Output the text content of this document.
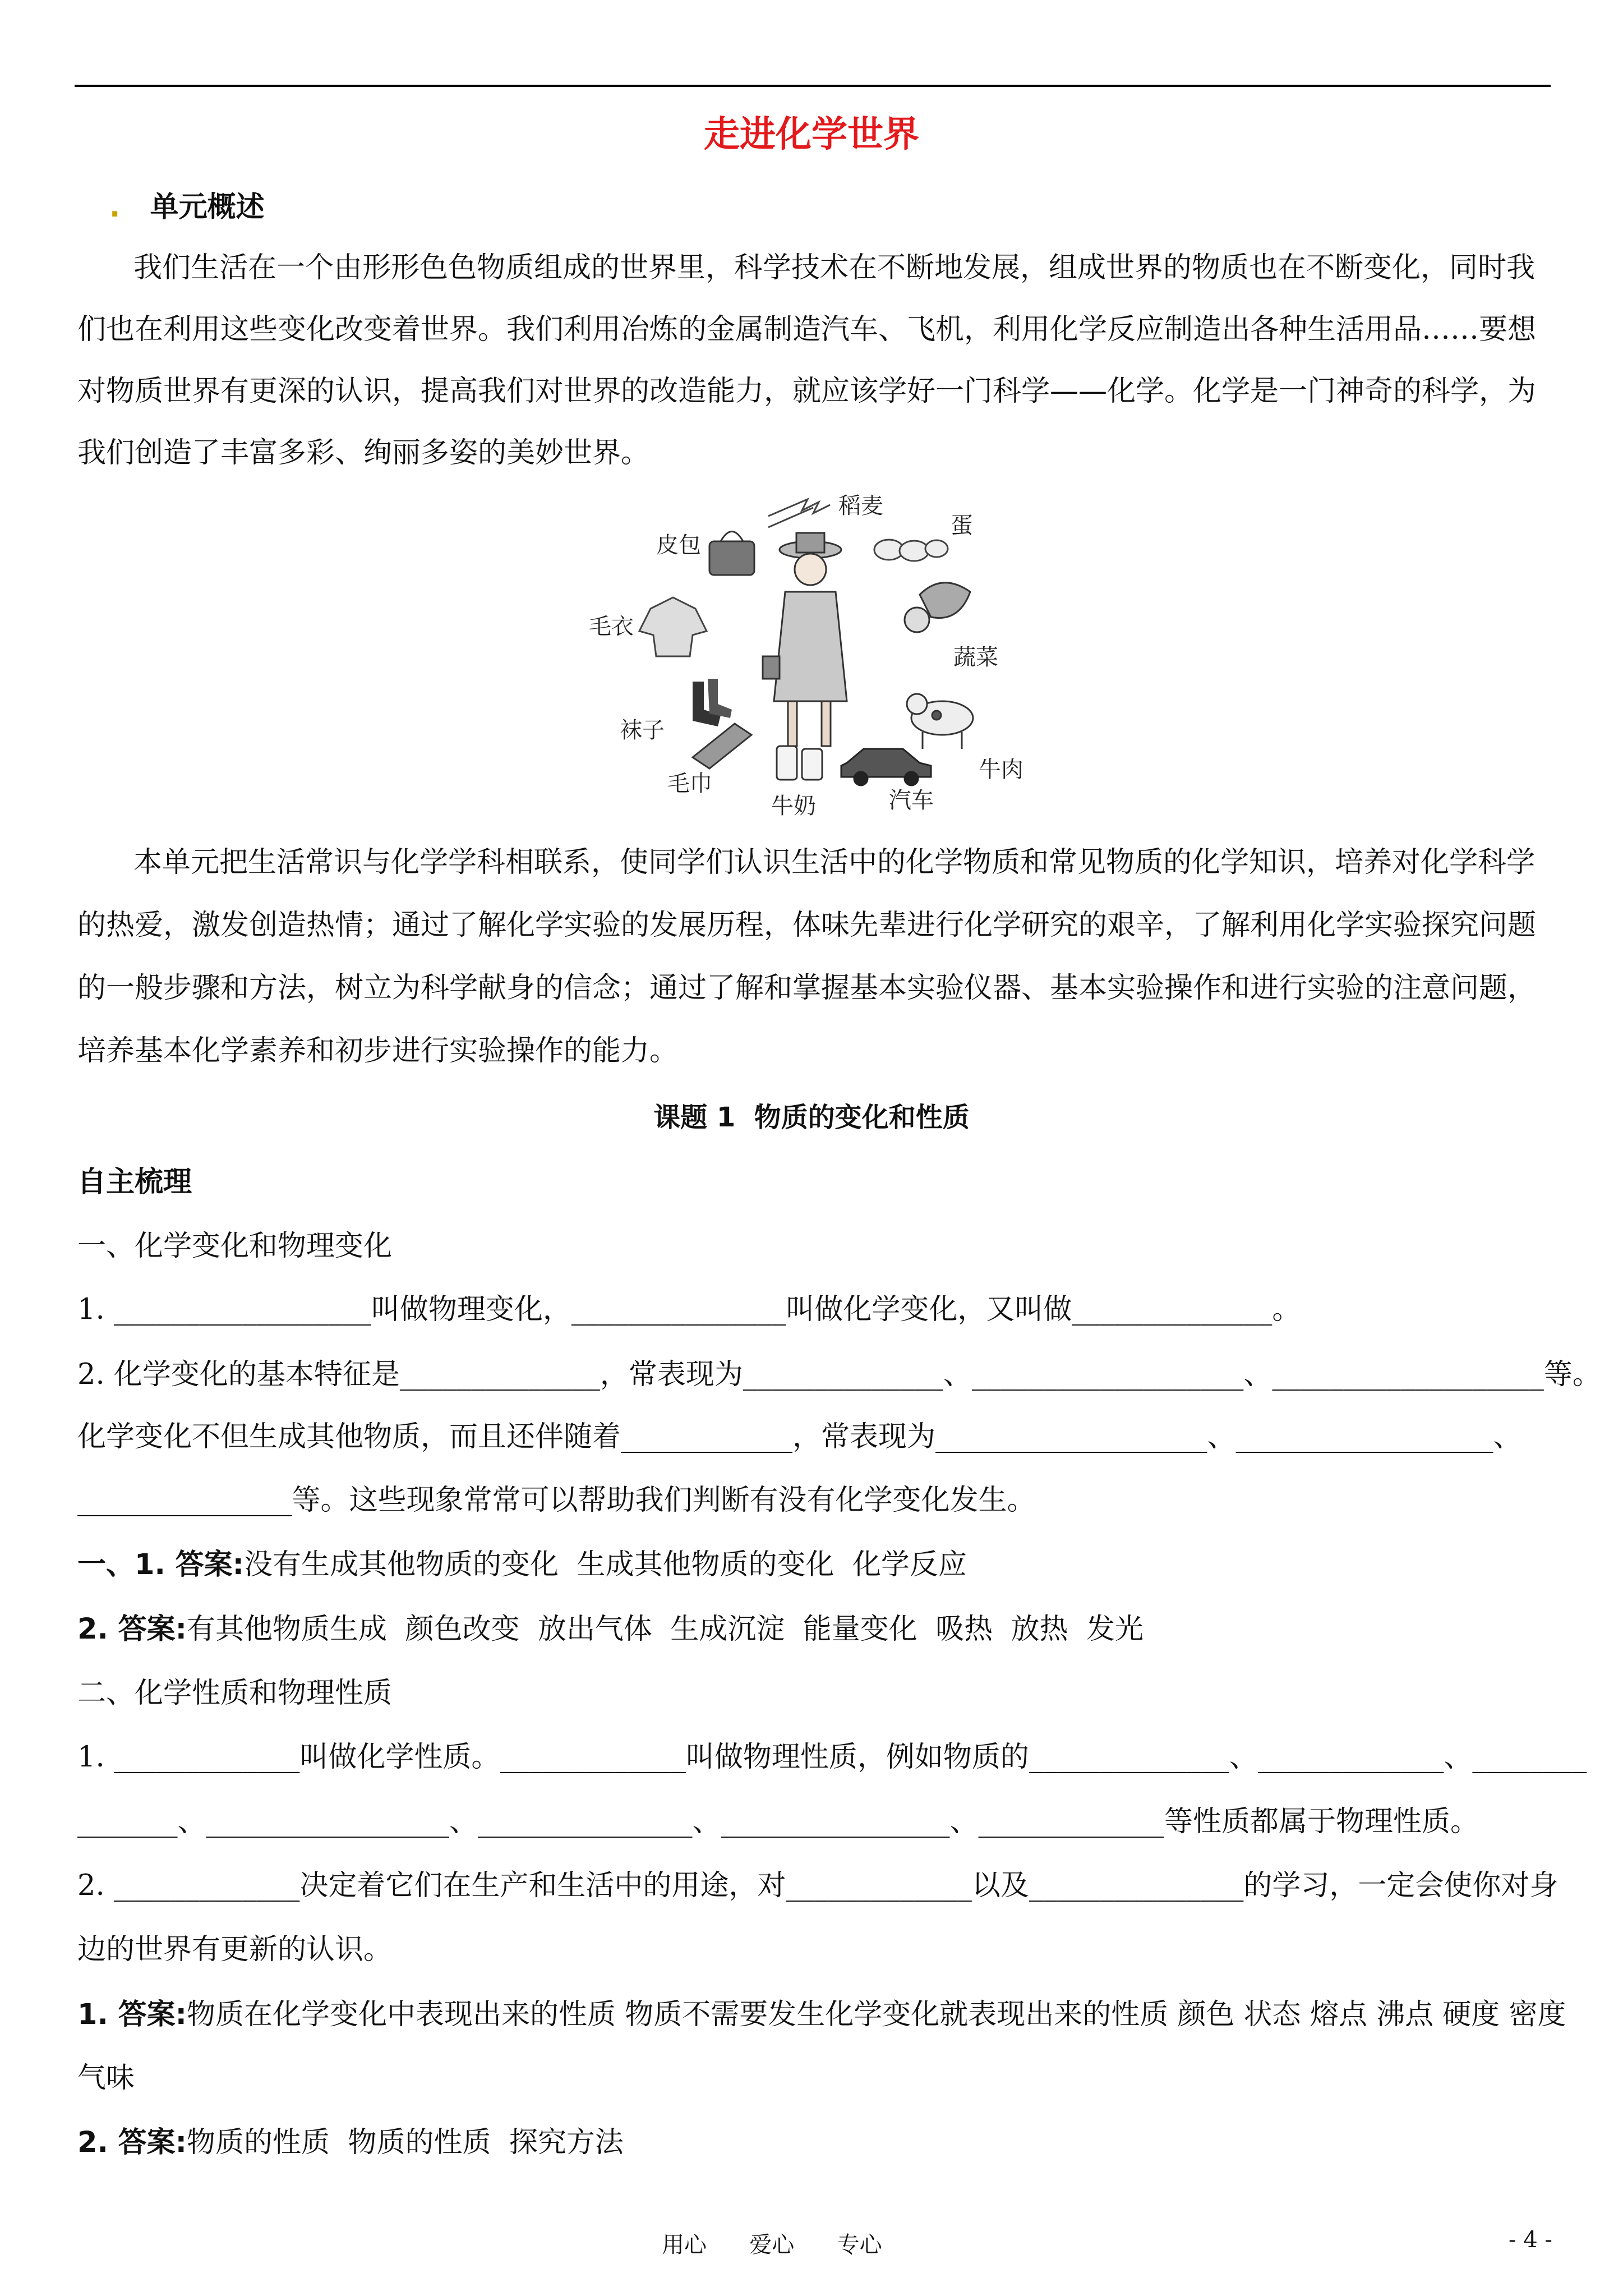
走进化学世界
. 单元概述
我们生活在一个由形形色色物质组成的世界里，科学技术在不断地发展，组成世界的物质也在不断变化，同时我
们也在利用这些变化改变着世界。我们利用冶炼的金属制造汽车、飞机，利用化学反应制造出各种生活用品……要想
对物质世界有更深的认识，提高我们对世界的改造能力，就应该学好一门科学——化学。化学是一门神奇的科学，为
我们创造了丰富多彩、绚丽多姿的美妙世界。
稻麦
蛋
皮包
毛衣
蔬菜
袜子
牛肉
毛巾
牛奶	汽车
本单元把生活常识与化学学科相联系，使同学们认识生活中的化学物质和常见物质的化学知识，培养对化学科学
的热爱，激发创造热情；通过了解化学实验的发展历程，体味先辈进行化学研究的艰辛，了解利用化学实验探究问题
的一般步骤和方法，树立为科学献身的信念；通过了解和掌握基本实验仪器、基本实验操作和进行实验的注意问题，
培养基本化学素养和初步进行实验操作的能力。
课题 1  物质的变化和性质
自主梳理
一、化学变化和物理变化
1. __________________叫做物理变化，_______________叫做化学变化，又叫做______________。
2. 化学变化的基本特征是______________，常表现为______________、___________________、___________________等。
化学变化不但生成其他物质，而且还伴随着____________，常表现为___________________、__________________、
_______________等。这些现象常常可以帮助我们判断有没有化学变化发生。
一、1. 答案:没有生成其他物质的变化  生成其他物质的变化  化学反应
2. 答案:有其他物质生成  颜色改变  放出气体  生成沉淀  能量变化  吸热  放热  发光
二、化学性质和物理性质
1. _____________叫做化学性质。_____________叫做物理性质，例如物质的______________、_____________、________
_______、_________________、_______________、________________、_____________等性质都属于物理性质。
2. _____________决定着它们在生产和生活中的用途，对_____________以及_______________的学习，一定会使你对身
边的世界有更新的认识。
1. 答案:物质在化学变化中表现出来的性质 物质不需要发生化学变化就表现出来的性质 颜色 状态 熔点 沸点 硬度 密度
气味
2. 答案:物质的性质  物质的性质  探究方法
用心      爱心      专心	- 4 -
